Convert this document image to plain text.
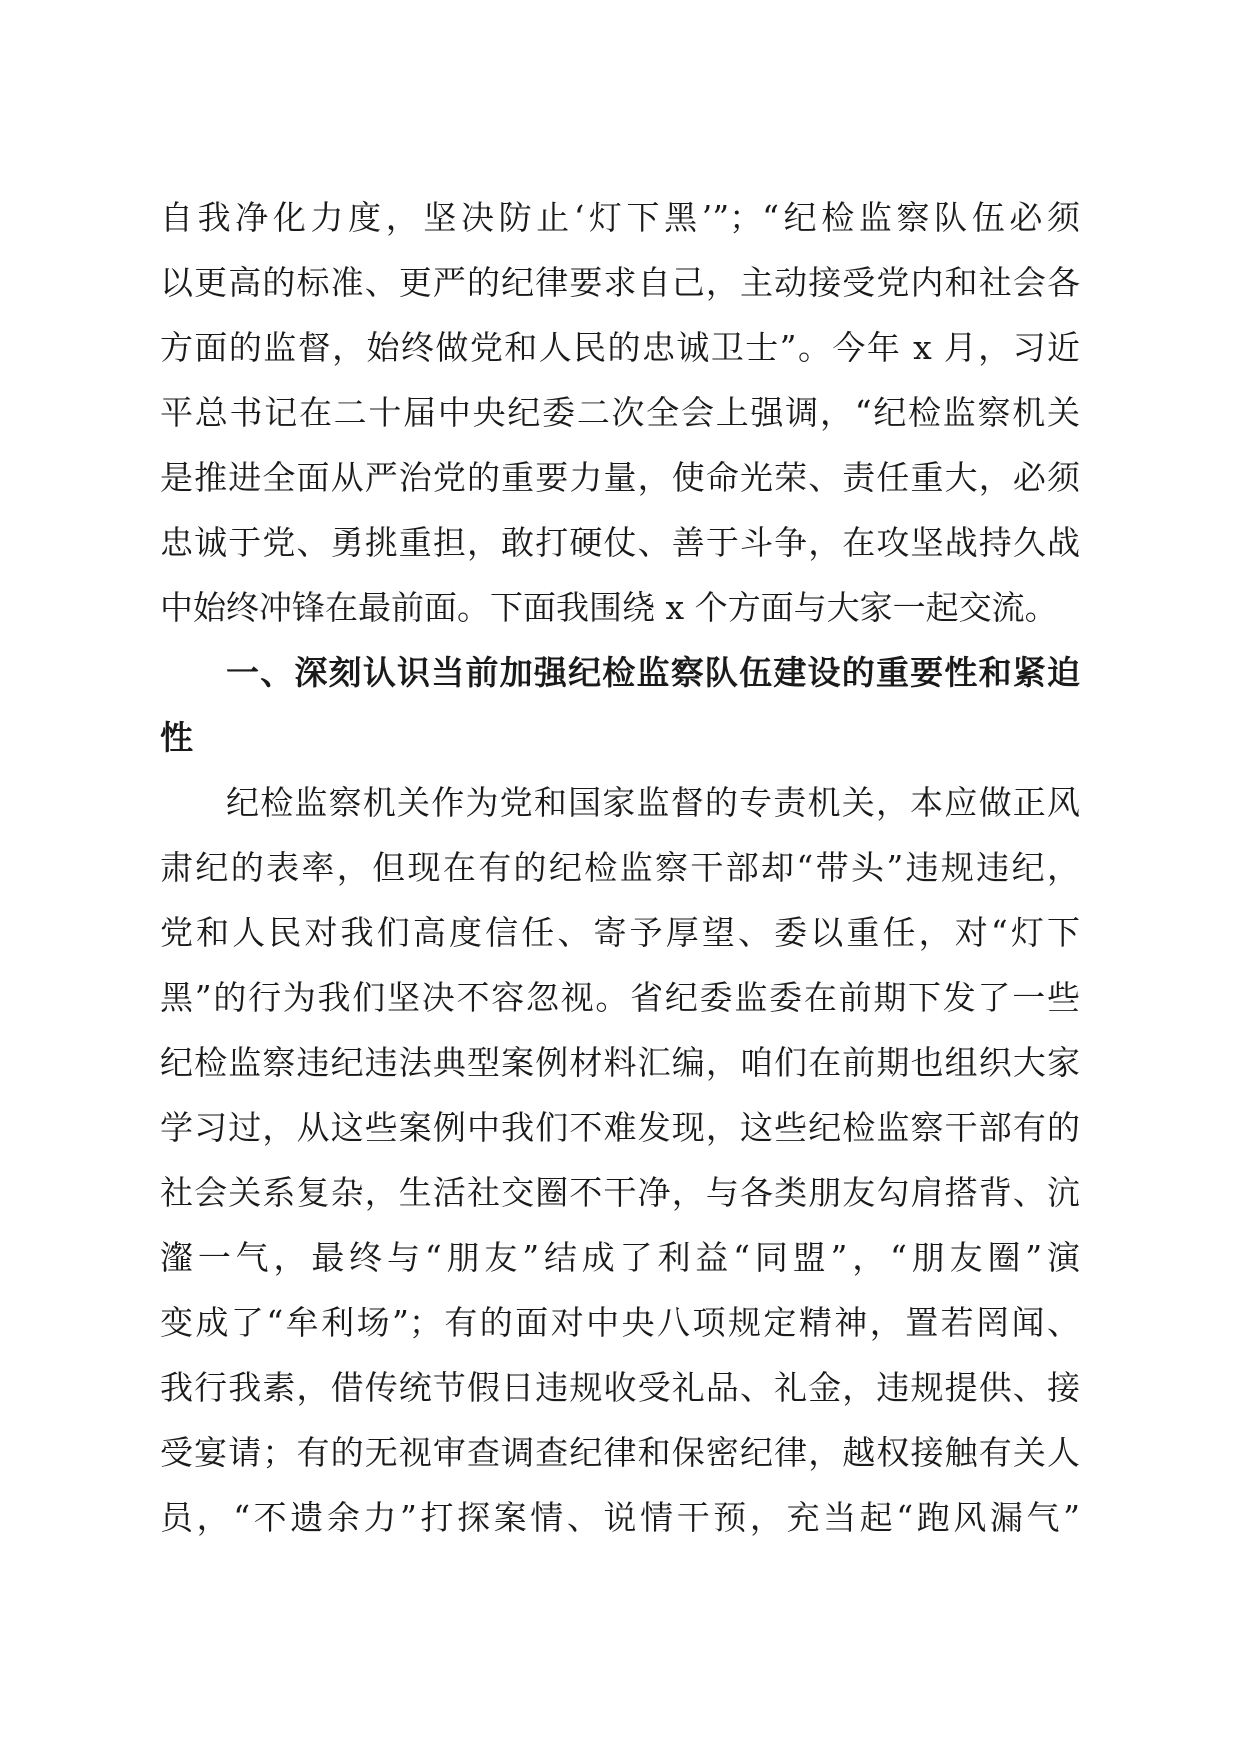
自我净化力度，坚决防止‘灯下黑’”；“纪检监察队伍必须
以更高的标准、更严的纪律要求自己，主动接受党内和社会各
方面的监督，始终做党和人民的忠诚卫士”。今年 x 月，习近
平总书记在二十届中央纪委二次全会上强调，“纪检监察机关
是推进全面从严治党的重要力量，使命光荣、责任重大，必须
忠诚于党、勇挑重担，敢打硬仗、善于斗争，在攻坚战持久战
中始终冲锋在最前面。下面我围绕 x 个方面与大家一起交流。
一、深刻认识当前加强纪检监察队伍建设的重要性和紧迫
性
纪检监察机关作为党和国家监督的专责机关，本应做正风
肃纪的表率，但现在有的纪检监察干部却“带头”违规违纪，
党和人民对我们高度信任、寄予厚望、委以重任，对“灯下
黑”的行为我们坚决不容忽视。省纪委监委在前期下发了一些
纪检监察违纪违法典型案例材料汇编，咱们在前期也组织大家
学习过，从这些案例中我们不难发现，这些纪检监察干部有的
社会关系复杂，生活社交圈不干净，与各类朋友勾肩搭背、沆
瀣一气，最终与“朋友”结成了利益“同盟”，“朋友圈”演
变成了“牟利场”；有的面对中央八项规定精神，置若罔闻、
我行我素，借传统节假日违规收受礼品、礼金，违规提供、接
受宴请；有的无视审查调查纪律和保密纪律，越权接触有关人
员，“不遗余力”打探案情、说情干预，充当起“跑风漏气”
